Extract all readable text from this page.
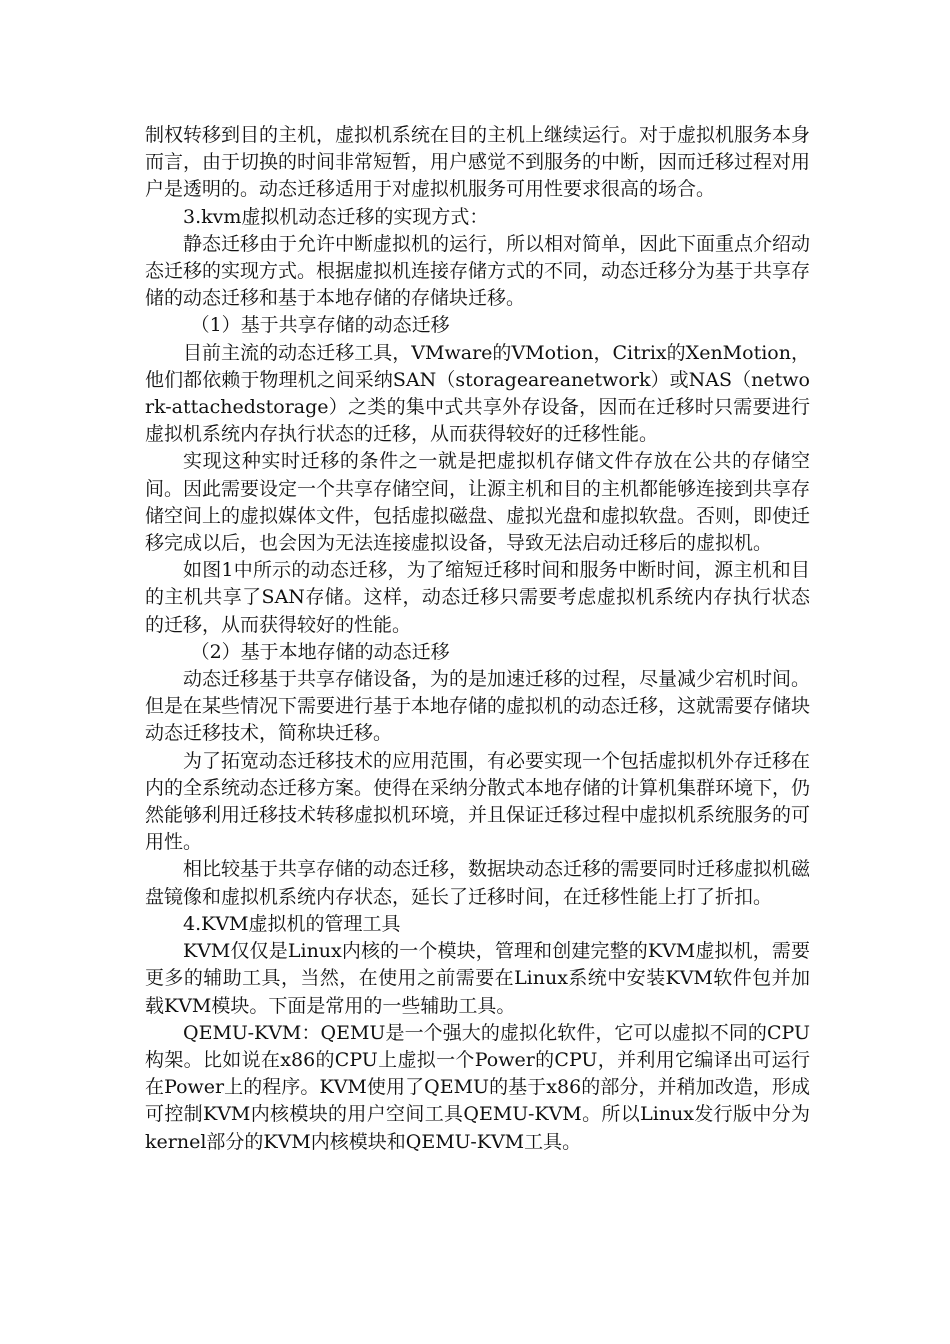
制权转移到目的主机，虚拟机系统在目的主机上继续运行。对于虚拟机服务本身而言，由于切换的时间非常短暂，用户感觉不到服务的中断，因而迁移过程对用户是透明的。动态迁移适用于对虚拟机服务可用性要求很高的场合。

3.kvm虚拟机动态迁移的实现方式：

静态迁移由于允许中断虚拟机的运行，所以相对简单，因此下面重点介绍动态迁移的实现方式。根据虚拟机连接存储方式的不同，动态迁移分为基于共享存储的动态迁移和基于本地存储的存储块迁移。

（1）基于共享存储的动态迁移

目前主流的动态迁移工具，VMware的VMotion，Citrix的XenMotion，他们都依赖于物理机之间采纳SAN（storageareanetwork）或NAS（network-attachedstorage）之类的集中式共享外存设备，因而在迁移时只需要进行虚拟机系统内存执行状态的迁移，从而获得较好的迁移性能。

实现这种实时迁移的条件之一就是把虚拟机存储文件存放在公共的存储空间。因此需要设定一个共享存储空间，让源主机和目的主机都能够连接到共享存储空间上的虚拟媒体文件，包括虚拟磁盘、虚拟光盘和虚拟软盘。否则，即使迁移完成以后，也会因为无法连接虚拟设备，导致无法启动迁移后的虚拟机。

如图1中所示的动态迁移，为了缩短迁移时间和服务中断时间，源主机和目的主机共享了SAN存储。这样，动态迁移只需要考虑虚拟机系统内存执行状态的迁移，从而获得较好的性能。

（2）基于本地存储的动态迁移

动态迁移基于共享存储设备，为的是加速迁移的过程，尽量减少宕机时间。但是在某些情况下需要进行基于本地存储的虚拟机的动态迁移，这就需要存储块动态迁移技术，简称块迁移。

为了拓宽动态迁移技术的应用范围，有必要实现一个包括虚拟机外存迁移在内的全系统动态迁移方案。使得在采纳分散式本地存储的计算机集群环境下，仍然能够利用迁移技术转移虚拟机环境，并且保证迁移过程中虚拟机系统服务的可用性。

相比较基于共享存储的动态迁移，数据块动态迁移的需要同时迁移虚拟机磁盘镜像和虚拟机系统内存状态，延长了迁移时间，在迁移性能上打了折扣。

4.KVM虚拟机的管理工具

KVM仅仅是Linux内核的一个模块，管理和创建完整的KVM虚拟机，需要更多的辅助工具，当然，在使用之前需要在Linux系统中安装KVM软件包并加载KVM模块。下面是常用的一些辅助工具。

QEMU-KVM：QEMU是一个强大的虚拟化软件，它可以虚拟不同的CPU构架。比如说在x86的CPU上虚拟一个Power的CPU，并利用它编译出可运行在Power上的程序。KVM使用了QEMU的基于x86的部分，并稍加改造，形成可控制KVM内核模块的用户空间工具QEMU-KVM。所以Linux发行版中分为kernel部分的KVM内核模块和QEMU-KVM工具。
